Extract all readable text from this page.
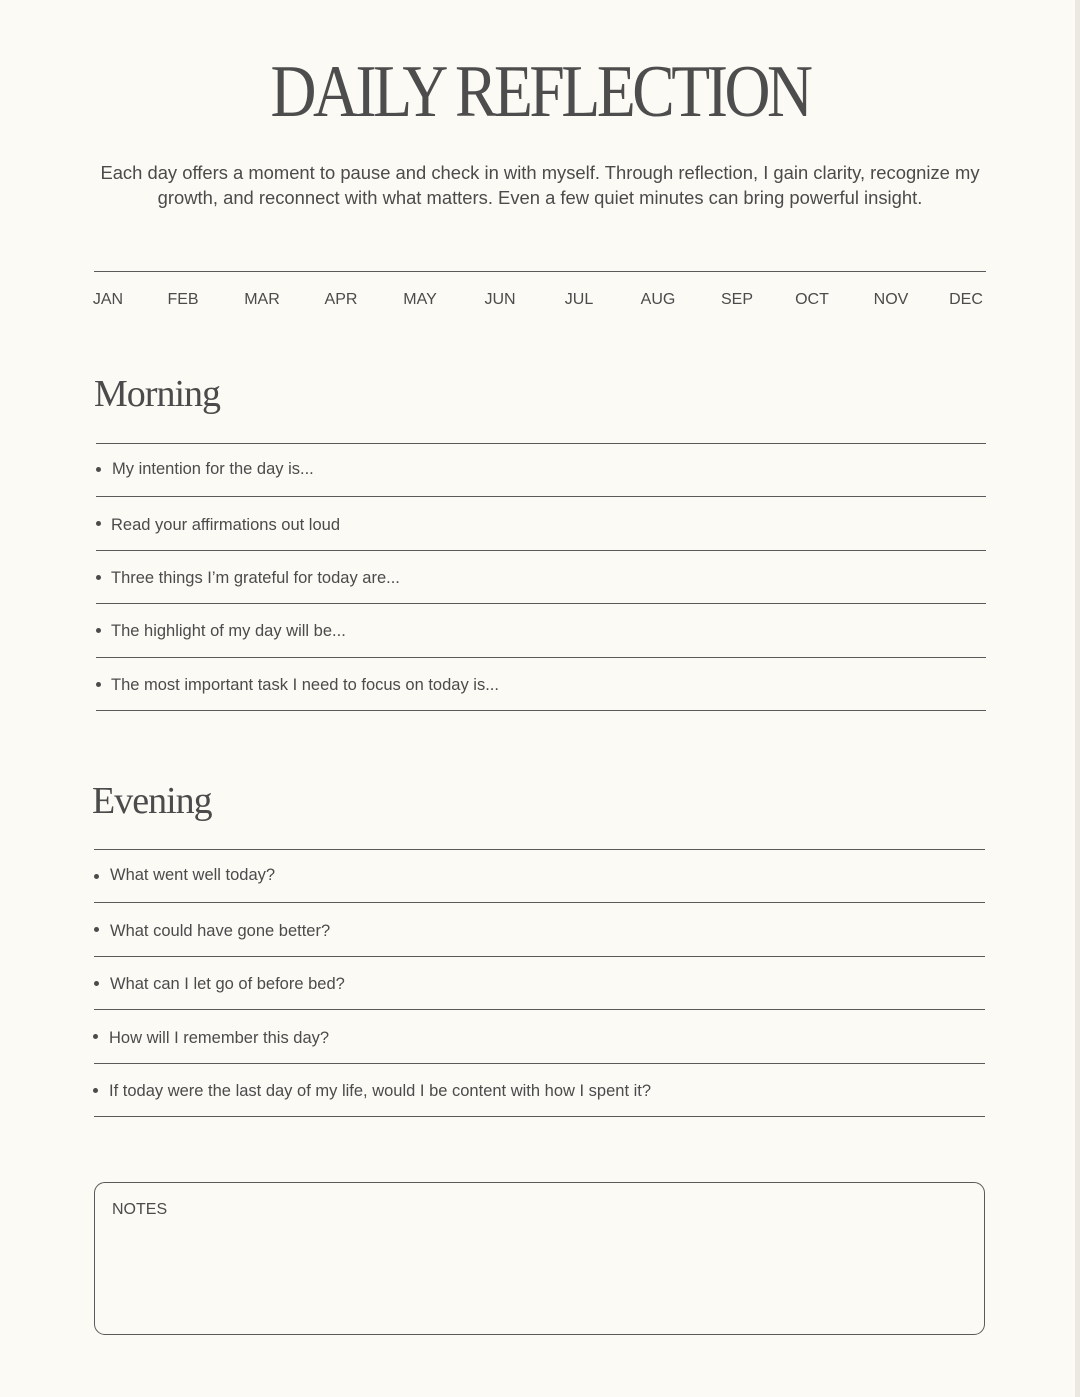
DAILY REFLECTION

Each day offers a moment to pause and check in with myself. Through reflection, I gain clarity, recognize my growth, and reconnect with what matters. Even a few quiet minutes can bring powerful insight.

JAN	FEB	MAR	APR	MAY	JUN	JUL	AUG	SEP	OCT	NOV	DEC
Morning
My intention for the day is...
Read your affirmations out loud
Three things I’m grateful for today are...
The highlight of my day will be...
The most important task I need to focus on today is...
Evening
What went well today?
What could have gone better?
What can I let go of before bed?
How will I remember this day?
If today were the last day of my life, would I be content with how I spent it?
NOTES
